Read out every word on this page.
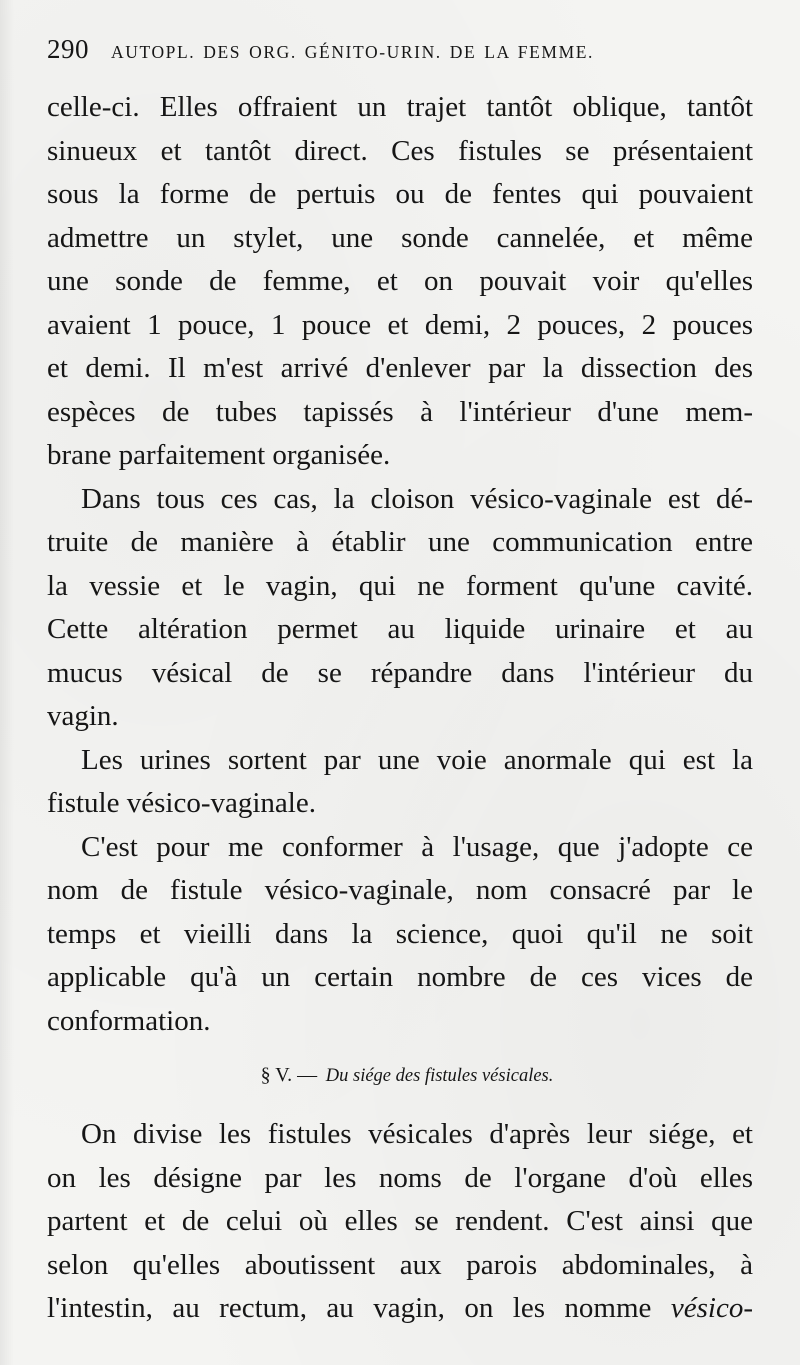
290 AUTOPL. DES ORG. GÉNITO-URIN. DE LA FEMME.
celle-ci. Elles offraient un trajet tantôt oblique, tantôt
sinueux et tantôt direct. Ces fistules se présentaient
sous la forme de pertuis ou de fentes qui pouvaient
admettre un stylet, une sonde cannelée, et même
une sonde de femme, et on pouvait voir qu'elles
avaient 1 pouce, 1 pouce et demi, 2 pouces, 2 pouces
et demi. Il m'est arrivé d'enlever par la dissection des
espèces de tubes tapissés à l'intérieur d'une mem-
brane parfaitement organisée.
Dans tous ces cas, la cloison vésico-vaginale est dé-
truite de manière à établir une communication entre
la vessie et le vagin, qui ne forment qu'une cavité.
Cette altération permet au liquide urinaire et au
mucus vésical de se répandre dans l'intérieur du
vagin.
Les urines sortent par une voie anormale qui est la
fistule vésico-vaginale.
C'est pour me conformer à l'usage, que j'adopte ce
nom de fistule vésico-vaginale, nom consacré par le
temps et vieilli dans la science, quoi qu'il ne soit
applicable qu'à un certain nombre de ces vices de
conformation.
§ V. — Du siége des fistules vésicales.
On divise les fistules vésicales d'après leur siége, et
on les désigne par les noms de l'organe d'où elles
partent et de celui où elles se rendent. C'est ainsi que
selon qu'elles aboutissent aux parois abdominales, à
l'intestin, au rectum, au vagin, on les nomme vésico-
